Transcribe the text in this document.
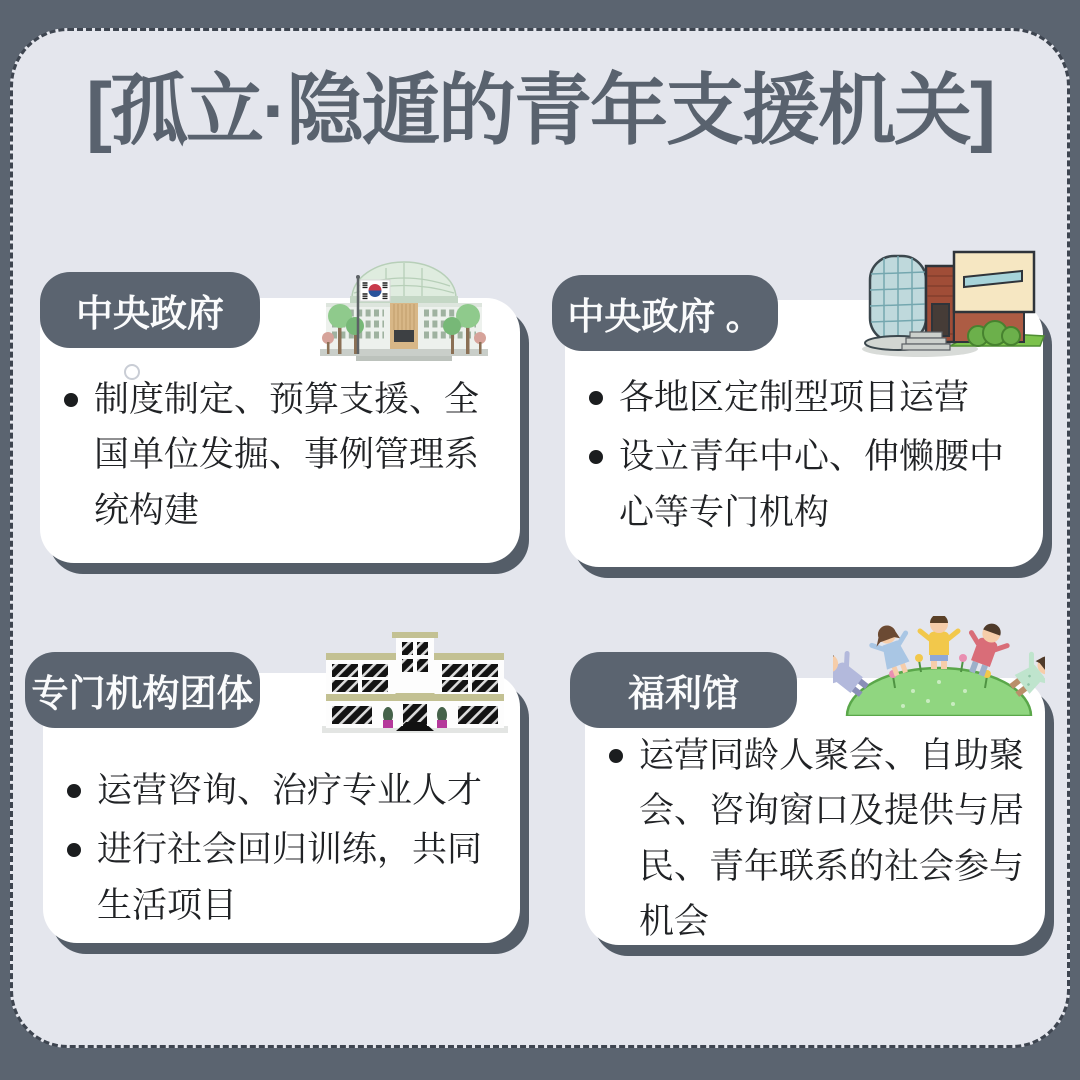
[孤立·隐遁的青年支援机关]
制度制定、预算支援、全国单位发掘、事例管理系统构建
中央政府
各地区定制型项目运营
设立青年中心、伸懒腰中心等专门机构
中央政府 。
运营咨询、治疗专业人才
进行社会回归训练，共同生活项目
专门机构团体
运营同龄人聚会、自助聚会、咨询窗口及提供与居民、青年联系的社会参与机会
福利馆
